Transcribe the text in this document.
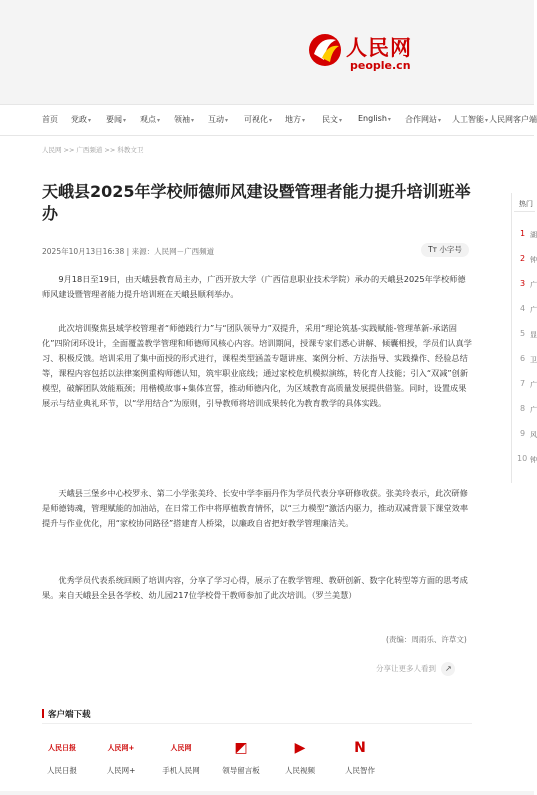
人民网
people.cn
首页 党政▾ 要闻▾ 观点▾ 领袖▾ 互动▾ 可视化▾ 地方▾ 民文▾ English▾ 合作网站▾ 人工智能▾ 人民网客户端
人民网 >> 广西频道 >> 科教文卫
天峨县2025年学校师德师风建设暨管理者能力提升培训班举办
2025年10月13日16:38 | 来源：人民网－广西频道	Tт 小字号

9月18日至19日，由天峨县教育局主办，广西开放大学（广西信息职业技术学院）承办的天峨县2025年学校师德师风建设暨管理者能力提升培训班在天峨县顺利举办。

此次培训聚焦县域学校管理者“师德践行力”与“团队领导力”双提升，采用“理论筑基-实践赋能-管理革新-承诺固化”四阶闭环设计，全面覆盖教学管理和师德师风核心内容。培训期间，授课专家们悉心讲解、倾囊相授，学员们认真学习、积极反馈。培训采用了集中面授的形式进行，课程类型涵盖专题讲座、案例分析、方法指导、实践操作、经验总结等，课程内容包括以法律案例重构师德认知，筑牢职业底线；通过家校危机模拟演练，转化育人技能；引入“双减”创新模型，破解团队效能瓶颈；用楷模故事+集体宣誓，推动师德内化，为区域教育高质量发展提供借鉴。同时，设置成果展示与结业典礼环节，以“学用结合”为原则，引导教师将培训成果转化为教育教学的具体实践。

天峨县三堡乡中心校罗永、第二小学张美玲、长安中学李丽丹作为学员代表分享研修收获。张美玲表示，此次研修是师德铸魂，管理赋能的加油站，在日常工作中将厚植教育情怀，以“三力模型”激活内驱力，推动双减背景下课堂效率提升与作业优化，用“家校协同路径”搭建育人桥梁，以廉政自省把好教学管理廉洁关。

优秀学员代表系统回顾了培训内容，分享了学习心得，展示了在教学管理、教研创新、数字化转型等方面的思考成果。来自天峨县全县各学校、幼儿园217位学校骨干教师参加了此次培训。（罗兰美慧）

(责编：周雨乐、许草文)
分享让更多人看到 ↗
客户端下载
人民日报
人民日报
人民网+
人民网+
人民网
手机人民网
◩
领导留言板
▶
人民视频
N
人民智作
热门
1 湖
2 钟
3 广
4 广
5 显
6 卫
7 广
8 广
9 风
10 钟
